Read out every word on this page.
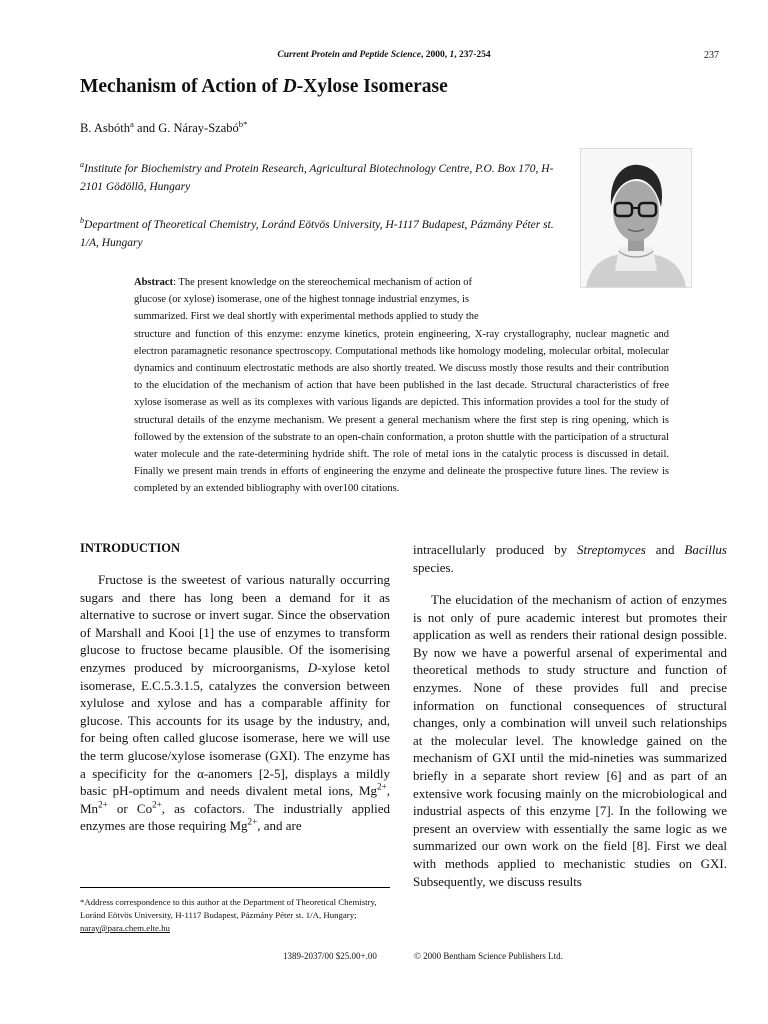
Current Protein and Peptide Science, 2000, 1, 237-254	237
Mechanism of Action of D-Xylose Isomerase
B. Asbóth$^a$ and G. Náray-Szabó$^{b*}$
$^a$Institute for Biochemistry and Protein Research, Agricultural Biotechnology Centre, P.O. Box 170, H-2101 Gödöllõ, Hungary
$^b$Department of Theoretical Chemistry, Loránd Eötvös University, H-1117 Budapest, Pázmány Péter st. 1/A, Hungary

Abstract: The present knowledge on the stereochemical mechanism of action of
glucose (or xylose) isomerase, one of the highest tonnage industrial enzymes, is
summarized. First we deal shortly with experimental methods applied to study the
structure and function of this enzyme: enzyme kinetics, protein engineering, X-ray crystallography, nuclear magnetic and electron paramagnetic resonance spectroscopy. Computational methods like homology modeling, molecular orbital, molecular dynamics and continuum electrostatic methods are also shortly treated. We discuss mostly those results and their contribution to the elucidation of the mechanism of action that have been published in the last decade. Structural characteristics of free xylose isomerase as well as its complexes with various ligands are depicted. This information provides a tool for the study of structural details of the enzyme mechanism. We present a general mechanism where the first step is ring opening, which is followed by the extension of the substrate to an open-chain conformation, a proton shuttle with the participation of a structural water molecule and the rate-determining hydride shift. The role of metal ions in the catalytic process is discussed in detail. Finally we present main trends in efforts of engineering the enzyme and delineate the prospective future lines. The review is completed by an extended bibliography with over100 citations.

INTRODUCTION

Fructose is the sweetest of various naturally occurring sugars and there has long been a demand for it as alternative to sucrose or invert sugar. Since the observation of Marshall and Kooi [1] the use of enzymes to transform glucose to fructose became plausible. Of the isomerising enzymes produced by microorganisms, D-xylose ketol isomerase, E.C.5.3.1.5, catalyzes the conversion between xylulose and xylose and has a comparable affinity for glucose. This accounts for its usage by the industry, and, for being often called glucose isomerase, here we will use the term glucose/xylose isomerase (GXI). The enzyme has a specificity for the α-anomers [2-5], displays a mildly basic pH-optimum and needs divalent metal ions, $Mg^{2+}$, $Mn^{2+}$ or $Co^{2+}$, as cofactors. The industrially applied enzymes are those requiring $Mg^{2+}$, and are

intracellularly produced by Streptomyces and Bacillus species.

The elucidation of the mechanism of action of enzymes is not only of pure academic interest but promotes their application as well as renders their rational design possible. By now we have a powerful arsenal of experimental and theoretical methods to study structure and function of enzymes. None of these provides full and precise information on functional consequences of structural changes, only a combination will unveil such relationships at the molecular level. The knowledge gained on the mechanism of GXI until the mid-nineties was summarized briefly in a separate short review [6] and as part of an extensive work focusing mainly on the microbiological and industrial aspects of this enzyme [7]. In the following we present an overview with essentially the same logic as we summarized our own work on the field [8]. First we deal with methods applied to mechanistic studies on GXI. Subsequently, we discuss results

*Address correspondence to this author at the Department of Theoretical Chemistry, Loránd Eötvös University, H-1117 Budapest, Pázmány Péter st. 1/A, Hungary; naray@para.chem.elte.hu
1389-2037/00 $25.00+.00	© 2000 Bentham Science Publishers Ltd.
